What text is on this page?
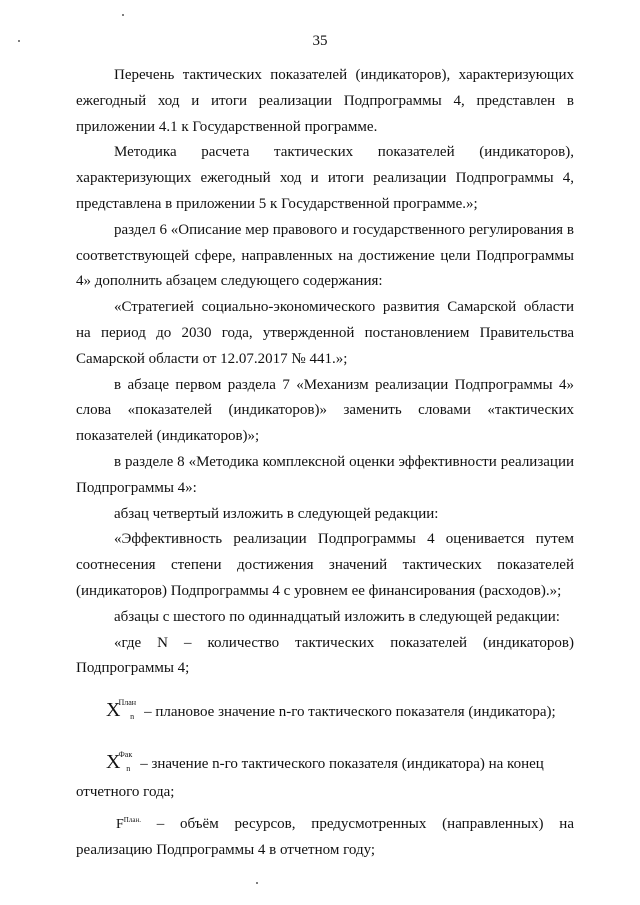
35

Перечень тактических показателей (индикаторов), характеризующих ежегодный ход и итоги реализации Подпрограммы 4, представлен в приложении 4.1 к Государственной программе.

Методика расчета тактических показателей (индикаторов), характеризующих ежегодный ход и итоги реализации Подпрограммы 4, представлена в приложении 5 к Государственной программе.»;

раздел 6 «Описание мер правового и государственного регулирования в соответствующей сфере, направленных на достижение цели Подпрограммы 4» дополнить абзацем следующего содержания:

«Стратегией социально-экономического развития Самарской области на период до 2030 года, утвержденной постановлением Правительства Самарской области от 12.07.2017 № 441.»;

в абзаце первом раздела 7 «Механизм реализации Подпрограммы 4» слова «показателей (индикаторов)» заменить словами «тактических показателей (индикаторов)»;

в разделе 8 «Методика комплексной оценки эффективности реализации Подпрограммы 4»:

абзац четвертый изложить в следующей редакции:

«Эффективность реализации Подпрограммы 4 оценивается путем соотнесения степени достижения значений тактических показателей (индикаторов) Подпрограммы 4 с уровнем ее финансирования (расходов).»;

абзацы с шестого по одиннадцатый изложить в следующей редакции:

«где N – количество тактических показателей (индикаторов) Подпрограммы 4;

$X^{План}_n$ – плановое значение n-го тактического показателя (индикатора);

$X^{Фак}_n$ – значение n-го тактического показателя (индикатора) на конец

отчетного года;

$F^{План.}$ – объём ресурсов, предусмотренных (направленных) на реализацию Подпрограммы 4 в отчетном году;
